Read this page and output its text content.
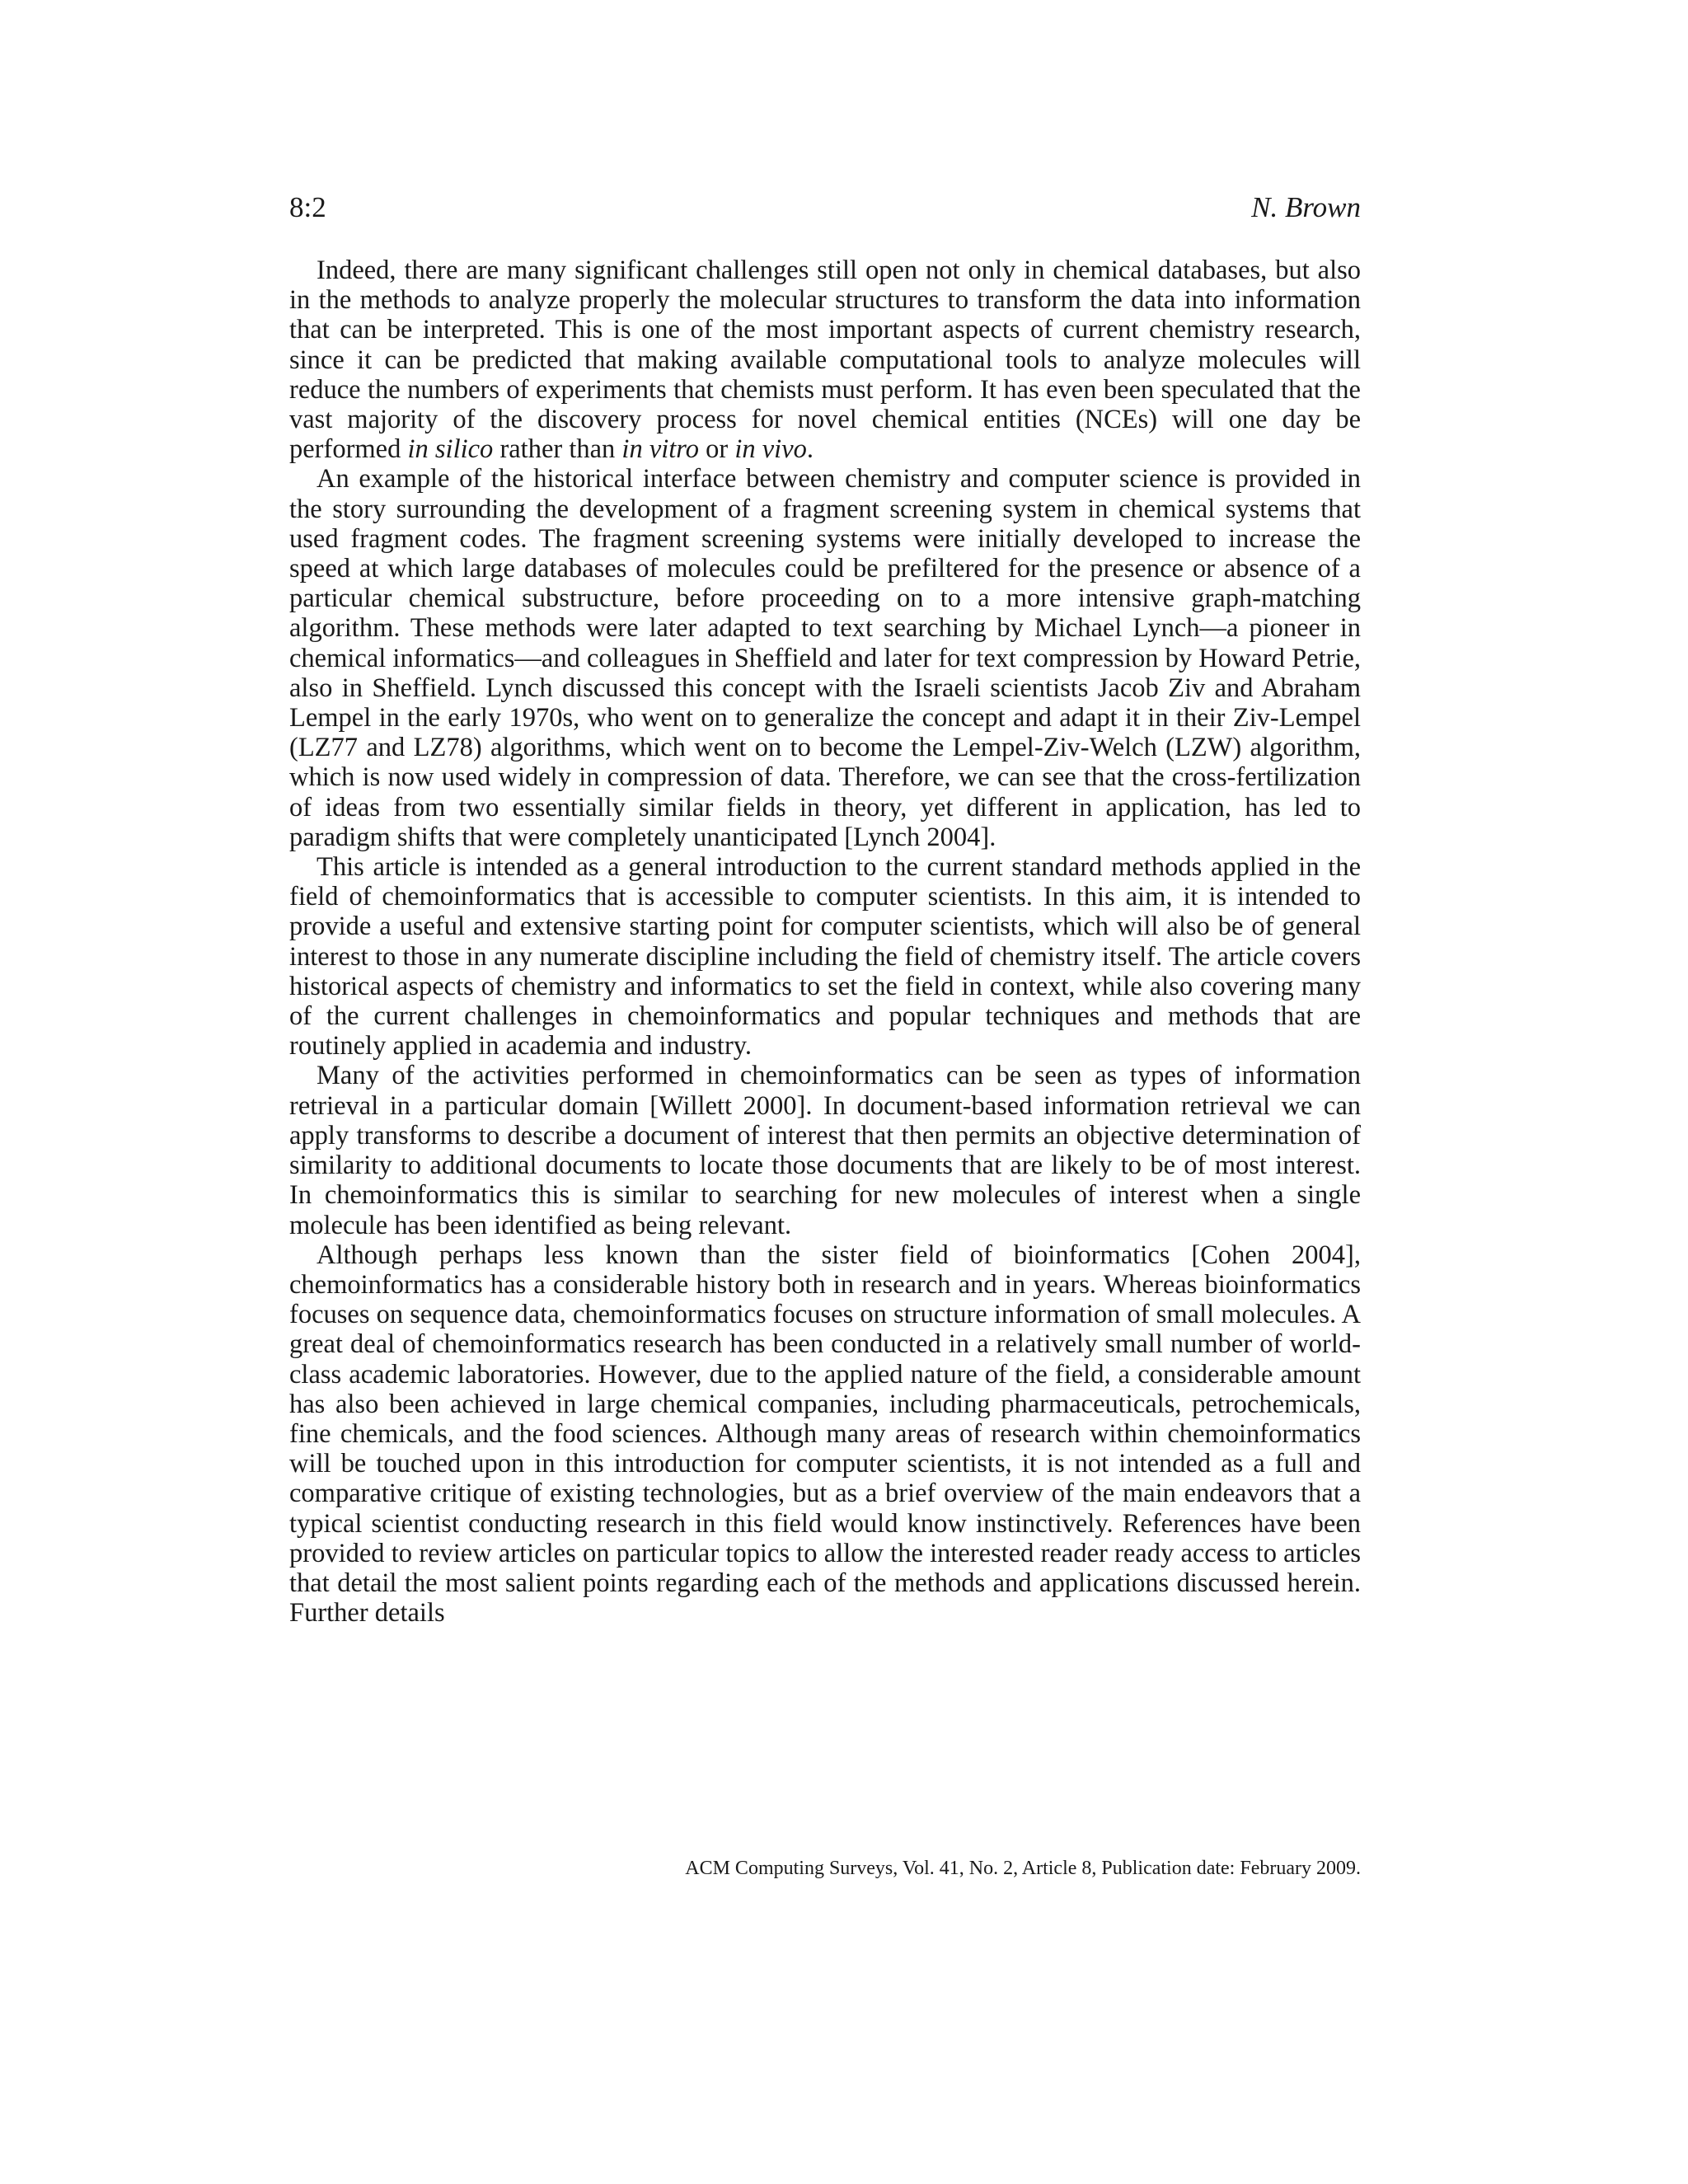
8:2	N. Brown

Indeed, there are many significant challenges still open not only in chemical databases, but also in the methods to analyze properly the molecular structures to transform the data into information that can be interpreted. This is one of the most important aspects of current chemistry research, since it can be predicted that making available computational tools to analyze molecules will reduce the numbers of experiments that chemists must perform. It has even been speculated that the vast majority of the discovery process for novel chemical entities (NCEs) will one day be performed in silico rather than in vitro or in vivo.

An example of the historical interface between chemistry and computer science is provided in the story surrounding the development of a fragment screening system in chemical systems that used fragment codes. The fragment screening systems were initially developed to increase the speed at which large databases of molecules could be prefiltered for the presence or absence of a particular chemical substructure, before proceeding on to a more intensive graph-matching algorithm. These methods were later adapted to text searching by Michael Lynch—a pioneer in chemical informatics—and colleagues in Sheffield and later for text compression by Howard Petrie, also in Sheffield. Lynch discussed this concept with the Israeli scientists Jacob Ziv and Abraham Lempel in the early 1970s, who went on to generalize the concept and adapt it in their Ziv-Lempel (LZ77 and LZ78) algorithms, which went on to become the Lempel-Ziv-Welch (LZW) algorithm, which is now used widely in compression of data. Therefore, we can see that the cross-fertilization of ideas from two essentially similar fields in theory, yet different in application, has led to paradigm shifts that were completely unanticipated [Lynch 2004].

This article is intended as a general introduction to the current standard methods applied in the field of chemoinformatics that is accessible to computer scientists. In this aim, it is intended to provide a useful and extensive starting point for computer scientists, which will also be of general interest to those in any numerate discipline including the field of chemistry itself. The article covers historical aspects of chemistry and informatics to set the field in context, while also covering many of the current challenges in chemoinformatics and popular techniques and methods that are routinely applied in academia and industry.

Many of the activities performed in chemoinformatics can be seen as types of information retrieval in a particular domain [Willett 2000]. In document-based information retrieval we can apply transforms to describe a document of interest that then permits an objective determination of similarity to additional documents to locate those documents that are likely to be of most interest. In chemoinformatics this is similar to searching for new molecules of interest when a single molecule has been identified as being relevant.

Although perhaps less known than the sister field of bioinformatics [Cohen 2004], chemoinformatics has a considerable history both in research and in years. Whereas bioinformatics focuses on sequence data, chemoinformatics focuses on structure information of small molecules. A great deal of chemoinformatics research has been conducted in a relatively small number of world-class academic laboratories. However, due to the applied nature of the field, a considerable amount has also been achieved in large chemical companies, including pharmaceuticals, petrochemicals, fine chemicals, and the food sciences. Although many areas of research within chemoinformatics will be touched upon in this introduction for computer scientists, it is not intended as a full and comparative critique of existing technologies, but as a brief overview of the main endeavors that a typical scientist conducting research in this field would know instinctively. References have been provided to review articles on particular topics to allow the interested reader ready access to articles that detail the most salient points regarding each of the methods and applications discussed herein. Further details

ACM Computing Surveys, Vol. 41, No. 2, Article 8, Publication date: February 2009.
